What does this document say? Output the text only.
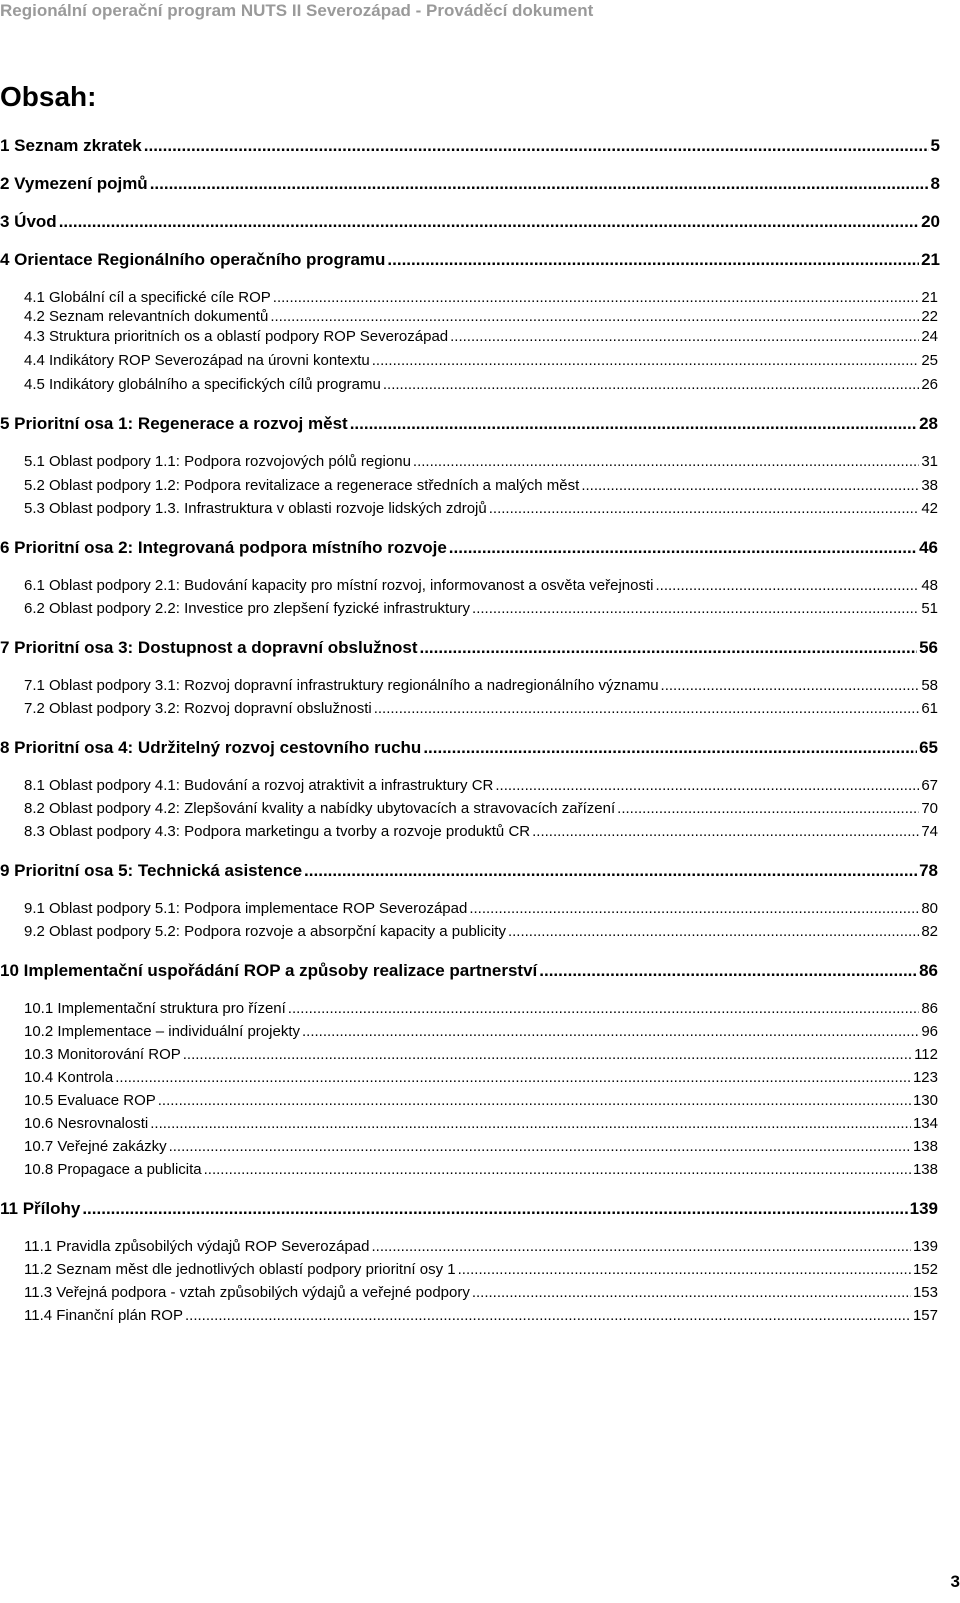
Regionální operační program NUTS II Severozápad - Prováděcí dokument
Obsah:
1 Seznam zkratek .....	5
2 Vymezení pojmů .....	8
3 Úvod .....	20
4 Orientace Regionálního operačního programu .....	21
4.1 Globální cíl a specifické cíle ROP .....	21
4.2 Seznam relevantních dokumentů .....	22
4.3 Struktura prioritních os a oblastí podpory ROP Severozápad .....	24
4.4 Indikátory ROP Severozápad na úrovni kontextu .....	25
4.5 Indikátory globálního a specifických cílů programu .....	26
5 Prioritní osa 1: Regenerace a rozvoj měst .....	28
5.1 Oblast podpory 1.1: Podpora rozvojových pólů regionu .....	31
5.2 Oblast podpory 1.2: Podpora revitalizace a regenerace středních a malých měst .....	38
5.3 Oblast podpory 1.3. Infrastruktura v oblasti rozvoje lidských zdrojů .....	42
6 Prioritní osa 2: Integrovaná podpora místního rozvoje .....	46
6.1 Oblast podpory 2.1: Budování kapacity pro místní rozvoj, informovanost a osvěta veřejnosti .....	48
6.2 Oblast podpory 2.2: Investice pro zlepšení fyzické infrastruktury .....	51
7 Prioritní osa 3: Dostupnost a dopravní obslužnost .....	56
7.1 Oblast podpory 3.1: Rozvoj dopravní infrastruktury regionálního a nadregionálního významu .....	58
7.2 Oblast podpory 3.2: Rozvoj dopravní obslužnosti .....	61
8 Prioritní osa 4: Udržitelný rozvoj cestovního ruchu .....	65
8.1 Oblast podpory 4.1: Budování a rozvoj atraktivit a infrastruktury CR .....	67
8.2 Oblast podpory 4.2: Zlepšování kvality a nabídky ubytovacích a stravovacích zařízení .....	70
8.3 Oblast podpory 4.3: Podpora marketingu a tvorby a rozvoje produktů CR .....	74
9 Prioritní osa 5: Technická asistence .....	78
9.1 Oblast podpory 5.1: Podpora implementace ROP Severozápad .....	80
9.2 Oblast podpory 5.2: Podpora rozvoje a absorpční kapacity a publicity .....	82
10 Implementační uspořádání ROP a způsoby realizace partnerství .....	86
10.1 Implementační struktura pro řízení .....	86
10.2 Implementace – individuální projekty .....	96
10.3 Monitorování ROP .....	112
10.4 Kontrola .....	123
10.5 Evaluace ROP .....	130
10.6 Nesrovnalosti .....	134
10.7 Veřejné zakázky .....	138
10.8 Propagace a publicita .....	138
11 Přílohy .....	139
11.1 Pravidla způsobilých výdajů ROP Severozápad .....	139
11.2 Seznam měst dle jednotlivých oblastí podpory prioritní osy 1 .....	152
11.3 Veřejná podpora - vztah způsobilých výdajů a veřejné podpory .....	153
11.4 Finanční plán ROP .....	157
3
